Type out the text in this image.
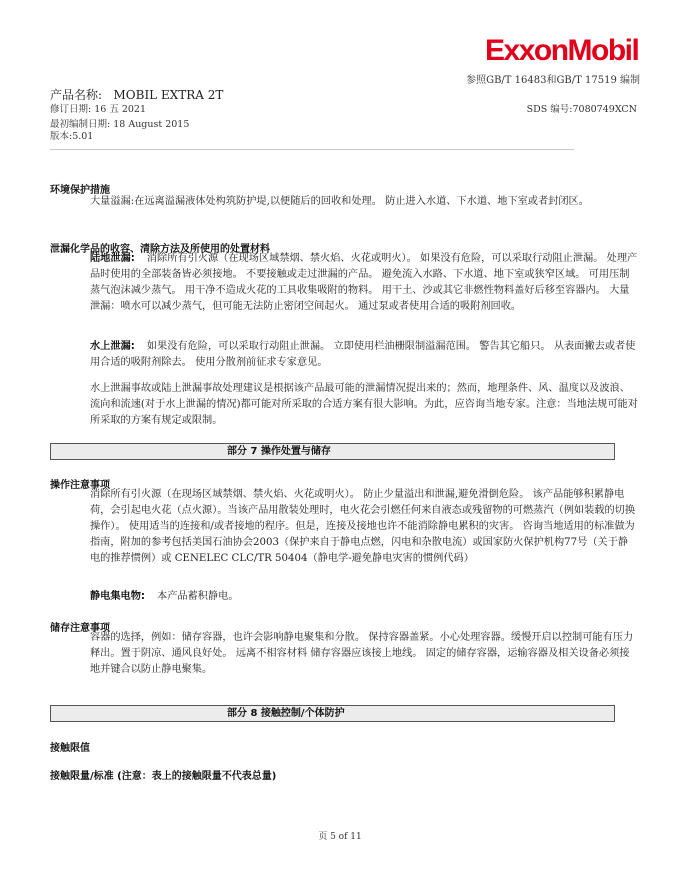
ExxonMobil
参照GB/T 16483和GB/T 17519 编制
产品名称: MOBIL EXTRA 2T
修订日期: 16 五 2021	SDS 编号:7080749XCN
最初编制日期: 18 August 2015
版本:5.01
环境保护措施
大量溢漏:在远离溢漏液体处构筑防护堤,以便随后的回收和处理。 防止进入水道、下水道、地下室或者封闭区。
泄漏化学品的收容、清除方法及所使用的处置材料
陆地泄漏: 消除所有引火源（在现场区域禁烟、禁火焰、火花或明火）。 如果没有危险，可以采取行动阻止泄漏。 处理产品时使用的全部装备皆必须接地。 不要接触或走过泄漏的产品。 避免流入水路、下水道、地下室或狭窄区域。 可用压制蒸气泡沫减少蒸气。 用干净不造成火花的工具收集吸附的物料。 用干土、沙或其它非燃性物料盖好后移至容器内。 大量泄漏：喷水可以减少蒸气，但可能无法防止密闭空间起火。 通过泵或者使用合适的吸附剂回收。
水上泄漏: 如果没有危险，可以采取行动阻止泄漏。 立即使用栏油栅限制溢漏范围。 警告其它船只。 从表面撇去或者使用合适的吸附剂除去。 使用分散剂前征求专家意见。
水上泄漏事故或陆上泄漏事故处理建议是根据该产品最可能的泄漏情况提出来的；然而，地理条件、风、温度以及波浪、流向和流速(对于水上泄漏的情况)都可能对所采取的合适方案有很大影响。为此，应咨询当地专家。注意：当地法规可能对所采取的方案有规定或限制。
部分 7 操作处置与储存
操作注意事项
消除所有引火源（在现场区域禁烟、禁火焰、火花或明火）。 防止少量溢出和泄漏,避免滑倒危险。 该产品能够积累静电荷，会引起电火花（点火源）。当该产品用散装处理时，电火花会引燃任何来自液态或残留物的可燃蒸汽（例如装载的切换操作）。 使用适当的连接和/或者接地的程序。但是，连接及接地也许不能消除静电累积的灾害。 咨询当地适用的标准做为指南，附加的参考包括美国石油协会2003（保护来自于静电点燃，闪电和杂散电流）或国家防火保护机构77号（关于静电的推荐惯例）或 CENELEC CLC/TR 50404（静电学-避免静电灾害的惯例代码）
静电集电物: 本产品蓄积静电。
储存注意事项
容器的选择，例如：储存容器，也许会影响静电聚集和分散。 保持容器盖紧。小心处理容器。缓慢开启以控制可能有压力释出。置于阴凉、通风良好处。 远离不相容材料 储存容器应该接上地线。 固定的储存容器，运输容器及相关设备必须接地并键合以防止静电聚集。
部分 8 接触控制/个体防护
接触限值
接触限量/标准 (注意：表上的接触限量不代表总量)
页 5 of 11
